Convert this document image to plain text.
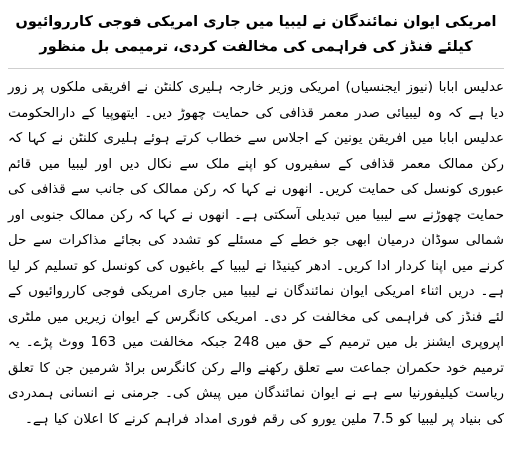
امریکی ایوان نمائندگان نے لیبیا میں جاری امریکی فوجی کارروائیوں کیلئے فنڈز کی فراہمی کی مخالفت کردی، ترمیمی بل منظور

عدلیس ابابا (نیوز ایجنسیاں) امریکی وزیر خارجہ ہلیری کلنٹن نے افریقی ملکوں پر زور دیا ہے کہ وہ لیبیائی صدر معمر قذافی کی حمایت چھوڑ دیں۔ ایتھوپیا کے دارالحکومت عدلیس ابابا میں افریقن یونین کے اجلاس سے خطاب کرتے ہوئے ہلیری کلنٹن نے کہا کہ رکن ممالک معمر قذافی کے سفیروں کو اپنے ملک سے نکال دیں اور لیبیا میں قائم عبوری کونسل کی حمایت کریں۔ انھوں نے کہا کہ رکن ممالک کی جانب سے قذافی کی حمایت چھوڑنے سے لیبیا میں تبدیلی آسکتی ہے۔ انھوں نے کہا کہ رکن ممالک جنوبی اور شمالی سوڈان درمیان ابھی جو خطے کے مسئلے کو تشدد کی بجائے مذاکرات سے حل کرنے میں اپنا کردار ادا کریں۔ ادھر کینیڈا نے لیبیا کے باغیوں کی کونسل کو تسلیم کر لیا ہے۔ دریں اثناء امریکی ایوان نمائندگان نے لیبیا میں جاری امریکی فوجی کارروائیوں کے لئے فنڈز کی فراہمی کی مخالفت کر دی۔ امریکی کانگرس کے ایوان زیریں میں ملٹری اپروپری ایشنز بل میں ترمیم کے حق میں 248 جبکہ مخالفت میں 163 ووٹ پڑے۔ یہ ترمیم خود حکمران جماعت سے تعلق رکھنے والے رکن کانگرس براڈ شرمین جن کا تعلق ریاست کیلیفورنیا سے ہے نے ایوان نمائندگان میں پیش کی۔ جرمنی نے انسانی ہمدردی کی بنیاد پر لیبیا کو 7.5 ملین یورو کی رقم فوری امداد فراہم کرنے کا اعلان کیا ہے۔
